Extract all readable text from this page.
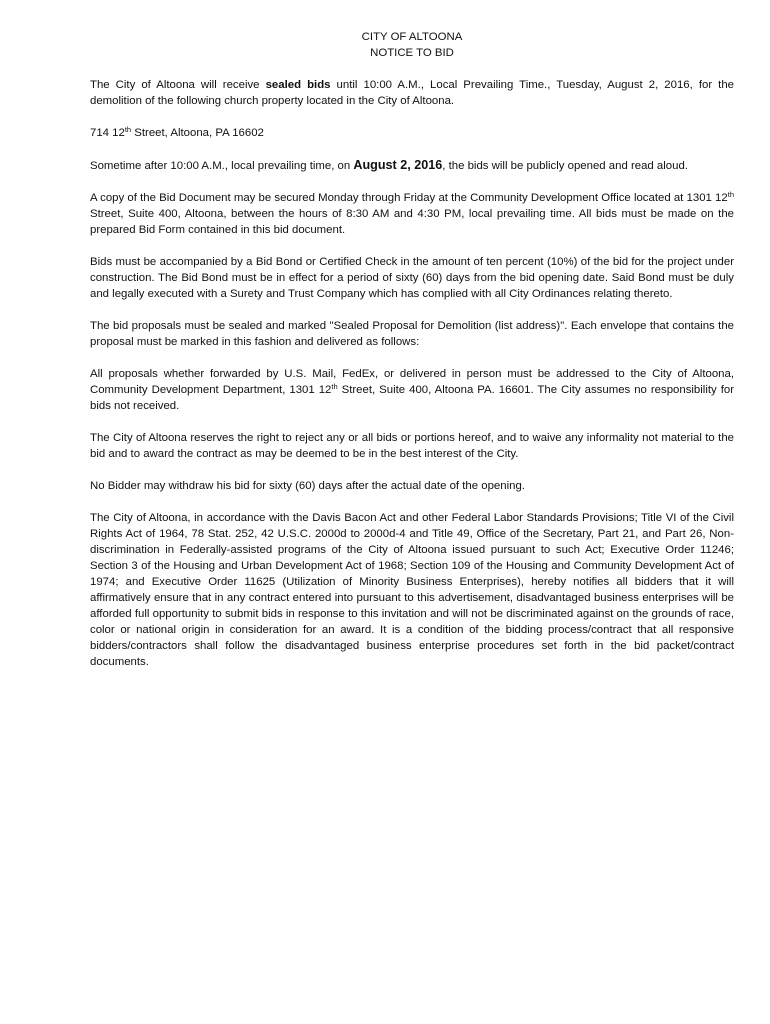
CITY OF ALTOONA
NOTICE TO BID

The City of Altoona will receive sealed bids until 10:00 A.M., Local Prevailing Time., Tuesday, August 2, 2016, for the demolition of the following church property located in the City of Altoona.

714 12th Street, Altoona, PA 16602

Sometime after 10:00 A.M., local prevailing time, on August 2, 2016, the bids will be publicly opened and read aloud.

A copy of the Bid Document may be secured Monday through Friday at the Community Development Office located at 1301 12th Street, Suite 400, Altoona, between the hours of 8:30 AM and 4:30 PM, local prevailing time. All bids must be made on the prepared Bid Form contained in this bid document.

Bids must be accompanied by a Bid Bond or Certified Check in the amount of ten percent (10%) of the bid for the project under construction. The Bid Bond must be in effect for a period of sixty (60) days from the bid opening date. Said Bond must be duly and legally executed with a Surety and Trust Company which has complied with all City Ordinances relating thereto.

The bid proposals must be sealed and marked "Sealed Proposal for Demolition (list address)". Each envelope that contains the proposal must be marked in this fashion and delivered as follows:

All proposals whether forwarded by U.S. Mail, FedEx, or delivered in person must be addressed to the City of Altoona, Community Development Department, 1301 12th Street, Suite 400, Altoona PA. 16601. The City assumes no responsibility for bids not received.

The City of Altoona reserves the right to reject any or all bids or portions hereof, and to waive any informality not material to the bid and to award the contract as may be deemed to be in the best interest of the City.

No Bidder may withdraw his bid for sixty (60) days after the actual date of the opening.

The City of Altoona, in accordance with the Davis Bacon Act and other Federal Labor Standards Provisions; Title VI of the Civil Rights Act of 1964, 78 Stat. 252, 42 U.S.C. 2000d to 2000d-4 and Title 49, Office of the Secretary, Part 21, and Part 26, Non-discrimination in Federally-assisted programs of the City of Altoona issued pursuant to such Act; Executive Order 11246; Section 3 of the Housing and Urban Development Act of 1968; Section 109 of the Housing and Community Development Act of 1974; and Executive Order 11625 (Utilization of Minority Business Enterprises), hereby notifies all bidders that it will affirmatively ensure that in any contract entered into pursuant to this advertisement, disadvantaged business enterprises will be afforded full opportunity to submit bids in response to this invitation and will not be discriminated against on the grounds of race, color or national origin in consideration for an award. It is a condition of the bidding process/contract that all responsive bidders/contractors shall follow the disadvantaged business enterprise procedures set forth in the bid packet/contract documents.
